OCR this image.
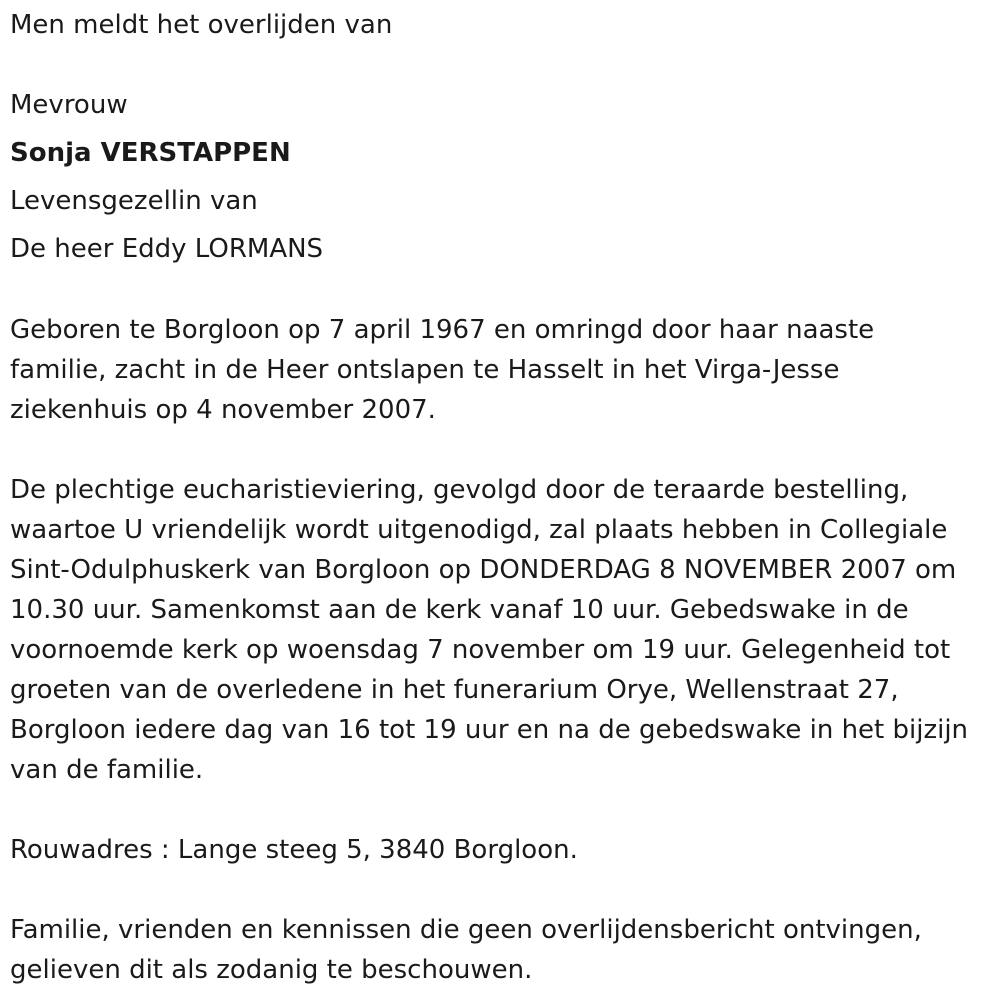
Men meldt het overlijden van

Mevrouw

Sonja VERSTAPPEN

Levensgezellin van

De heer Eddy LORMANS

Geboren te Borgloon op 7 april 1967 en omringd door haar naaste
familie, zacht in de Heer ontslapen te Hasselt in het Virga-Jesse
ziekenhuis op 4 november 2007.
De plechtige eucharistieviering, gevolgd door de teraarde bestelling,
waartoe U vriendelijk wordt uitgenodigd, zal plaats hebben in Collegiale
Sint-Odulphuskerk van Borgloon op DONDERDAG 8 NOVEMBER 2007 om
10.30 uur. Samenkomst aan de kerk vanaf 10 uur. Gebedswake in de
voornoemde kerk op woensdag 7 november om 19 uur. Gelegenheid tot
groeten van de overledene in het funerarium Orye, Wellenstraat 27,
Borgloon iedere dag van 16 tot 19 uur en na de gebedswake in het bijzijn
van de familie.
Rouwadres : Lange steeg 5, 3840 Borgloon.
Familie, vrienden en kennissen die geen overlijdensbericht ontvingen,
gelieven dit als zodanig te beschouwen.
